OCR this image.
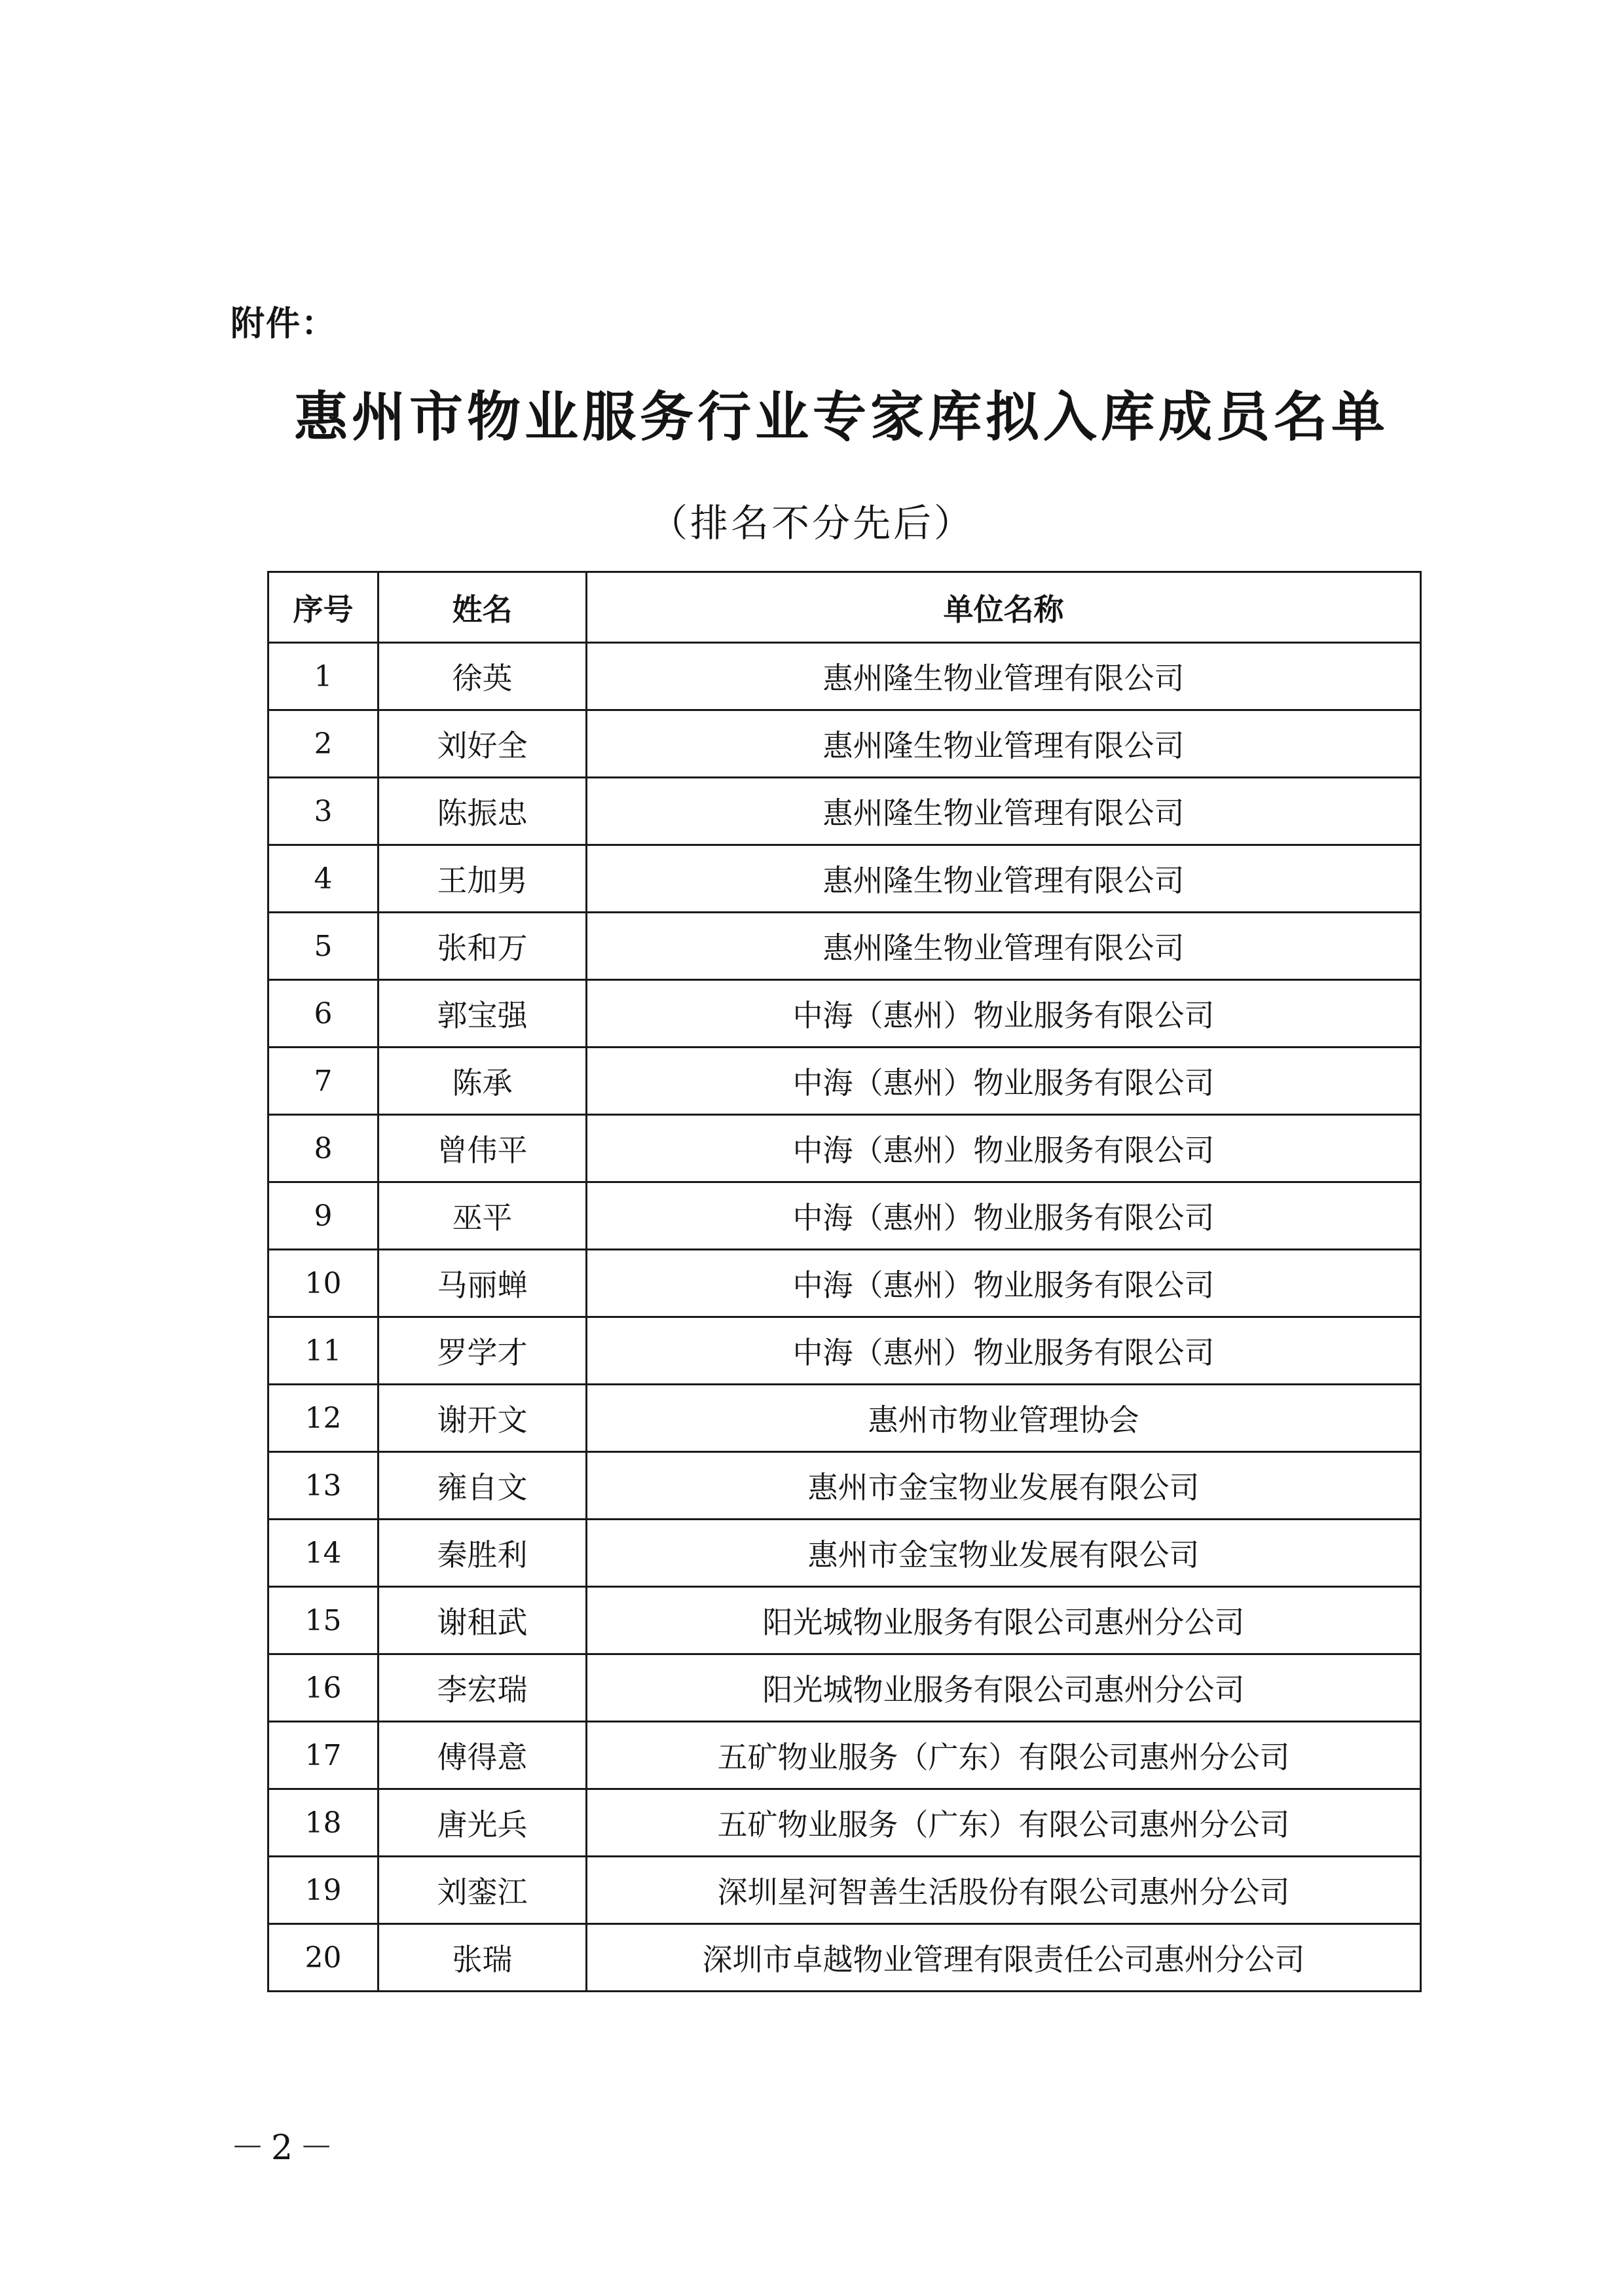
附件：
惠州市物业服务行业专家库拟入库成员名单
（排名不分先后）
序号	姓名	单位名称
1	徐英	惠州隆生物业管理有限公司
2	刘好全	惠州隆生物业管理有限公司
3	陈振忠	惠州隆生物业管理有限公司
4	王加男	惠州隆生物业管理有限公司
5	张和万	惠州隆生物业管理有限公司
6	郭宝强	中海（惠州）物业服务有限公司
7	陈承	中海（惠州）物业服务有限公司
8	曾伟平	中海（惠州）物业服务有限公司
9	巫平	中海（惠州）物业服务有限公司
10	马丽蝉	中海（惠州）物业服务有限公司
11	罗学才	中海（惠州）物业服务有限公司
12	谢开文	惠州市物业管理协会
13	雍自文	惠州市金宝物业发展有限公司
14	秦胜利	惠州市金宝物业发展有限公司
15	谢租武	阳光城物业服务有限公司惠州分公司
16	李宏瑞	阳光城物业服务有限公司惠州分公司
17	傅得意	五矿物业服务（广东）有限公司惠州分公司
18	唐光兵	五矿物业服务（广东）有限公司惠州分公司
19	刘銮江	深圳星河智善生活股份有限公司惠州分公司
20	张瑞	深圳市卓越物业管理有限责任公司惠州分公司
－2－
